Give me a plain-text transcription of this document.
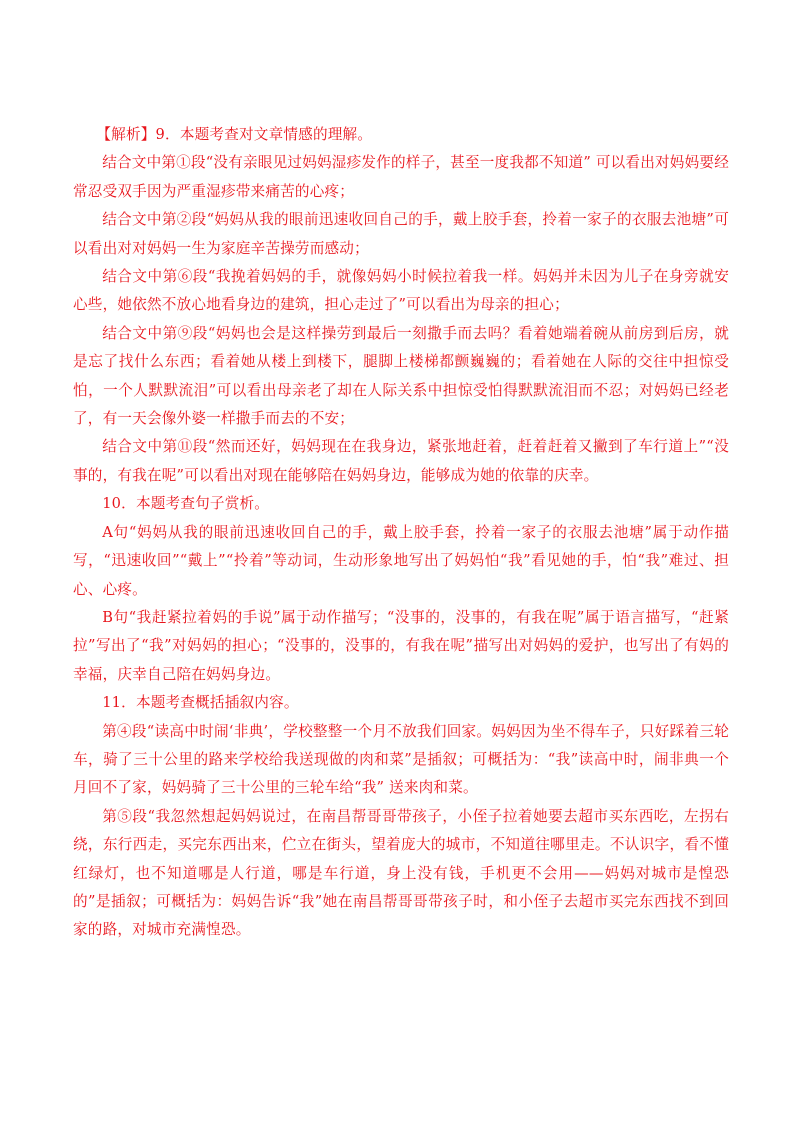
【解析】9．本题考查对文章情感的理解。

结合文中第①段“没有亲眼见过妈妈湿疹发作的样子，甚至一度我都不知道” 可以看出对妈妈要经常忍受双手因为严重湿疹带来痛苦的心疼；

结合文中第②段“妈妈从我的眼前迅速收回自己的手，戴上胶手套，拎着一家子的衣服去池塘”可以看出对对妈妈一生为家庭辛苦操劳而感动；

结合文中第⑥段“我挽着妈妈的手，就像妈妈小时候拉着我一样。妈妈并未因为儿子在身旁就安心些，她依然不放心地看身边的建筑，担心走过了”可以看出为母亲的担心；

结合文中第⑨段“妈妈也会是这样操劳到最后一刻撒手而去吗？看着她端着碗从前房到后房，就是忘了找什么东西；看着她从楼上到楼下，腿脚上楼梯都颤巍巍的；看着她在人际的交往中担惊受怕，一个人默默流泪”可以看出母亲老了却在人际关系中担惊受怕得默默流泪而不忍；对妈妈已经老了，有一天会像外婆一样撒手而去的不安；

结合文中第⑪段“然而还好，妈妈现在在我身边，紧张地赶着，赶着赶着又撇到了车行道上”“没事的，有我在呢”可以看出对现在能够陪在妈妈身边，能够成为她的依靠的庆幸。

10．本题考查句子赏析。

A句“妈妈从我的眼前迅速收回自己的手，戴上胶手套，拎着一家子的衣服去池塘”属于动作描写，“迅速收回”“戴上”“拎着”等动词，生动形象地写出了妈妈怕“我”看见她的手，怕“我”难过、担心、心疼。

B句“我赶紧拉着妈的手说”属于动作描写；“没事的，没事的，有我在呢”属于语言描写，“赶紧拉”写出了“我”对妈妈的担心；“没事的，没事的，有我在呢”描写出对妈妈的爱护，也写出了有妈的幸福，庆幸自己陪在妈妈身边。

11．本题考查概括插叙内容。

第④段“读高中时闹‘非典’，学校整整一个月不放我们回家。妈妈因为坐不得车子，只好踩着三轮车，骑了三十公里的路来学校给我送现做的肉和菜”是插叙；可概括为：“我”读高中时，闹非典一个月回不了家，妈妈骑了三十公里的三轮车给“我” 送来肉和菜。

第⑤段“我忽然想起妈妈说过，在南昌帮哥哥带孩子，小侄子拉着她要去超市买东西吃，左拐右绕，东行西走，买完东西出来，伫立在街头，望着庞大的城市，不知道往哪里走。不认识字，看不懂红绿灯，也不知道哪是人行道，哪是车行道，身上没有钱，手机更不会用——妈妈对城市是惶恐的”是插叙；可概括为：妈妈告诉“我”她在南昌帮哥哥带孩子时，和小侄子去超市买完东西找不到回家的路，对城市充满惶恐。
